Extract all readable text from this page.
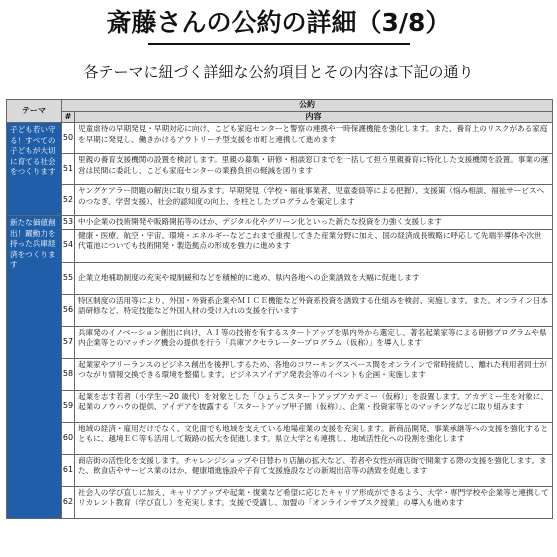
斎藤さんの公約の詳細（3/8）
各テーマに紐づく詳細な公約項目とその内容は下記の通り
テーマ	公約	
	#	内容
子ども若い守る！すべての子どもが大切に育てる社会をつくります	50	児童虐待の早期発見・早期対応に向け、こども家庭センターと警察の連携や一時保護機能を強化します。また、養育上のリスクがある家庭を早期に発見し、働きかけるアウトリーチ型支援を市町と連携して進めます
	51	里親の養育支援機関の設置を検討します。里親の募集・研修・相談窓口までを一括して担う里親養育に特化した支援機関を設置。事業の運営は民間に委託し、こども家庭センターの業務負担の軽減を図ります
	52	ヤングケアラー問題の解決に取り組みます。早期発見（学校・福祉事業者、児童委員等による把握）、支援策（悩み相談、福祉サービスへのつなぎ、学習支援）、社会的認知度の向上、を柱としたプログラムを策定します
新たな価値創出！躍動力を持った兵庫経済をつくります	53	中小企業の技術開発や販路開拓等のほか、デジタル化やグリーン化といった新たな投資を力強く支援します
	54	健康・医療、航空・宇宙、環境・エネルギーなどこれまで重視してきた産業分野に加え、国の経済成長戦略に呼応して先端半導体や次世代電池についても技術開発・製造拠点の形成を強力に進めます
	55	企業立地補助制度の充実や規制緩和などを積極的に進め、県内各地への企業誘致を大幅に促進します
	56	特区制度の活用等により、外国・外資系企業やＭＩＣＥ機能など外資系投資を誘致する仕組みを検討、実施します。また、オンライン日本語研修など、特定技能など外国人材の受け入れの支援を行います
	57	兵庫発のイノベーション創出に向け、ＡＩ等の技術を有するスタートアップを県内外から選定し、著名起業家等による研修プログラムや県内企業等とのマッチング機会の提供を行う「兵庫アクセラレータープログラム（仮称）」を導入します
	58	起業家やフリーランスのビジネス創出を後押しするため、各地のコワーキングスペース間をオンラインで常時接続し、離れた利用者同士がつながり情報交換できる環境を整備します。ビジネスアイデア発表会等のイベントも企画・実施します
	59	起業を志す若者（小学生～20 歳代）を対象とした「ひょうごスタートアップアカデミー（仮称）」を設置します。アカデミー生を対象に、起業のノウハウの提供、アイデアを披露する「スタートアップ甲子園（仮称）」、企業・投資家等とのマッチングなどに取り組みます
	60	地域の経済・雇用だけでなく、文化面でも地域を支えている地場産業の支援を充実します。新商品開発、事業承継等への支援を強化するとともに、越境ＥＣ等も活用して販路の拡大を促進します。県立大学とも連携し、地域活性化への役割を強化します
	61	商店街の活性化を支援します。チャレンジショップや日替わり店舗の拡大など、若者や女性が商店街で開業する際の支援を強化します。また、飲食店やサービス業のほか、健康増進施設や子育て支援施設などの新規出店等の誘致を促進します
	62	社会人の学び直しに加え、キャリアアップや起業・復業など希望に応じたキャリア形成ができるよう、大学・専門学校や企業等と連携してリカレント教育（学び直し）を充実します。支援で受講し、加盟の「オンラインサブスク授業」の導入も進めます
